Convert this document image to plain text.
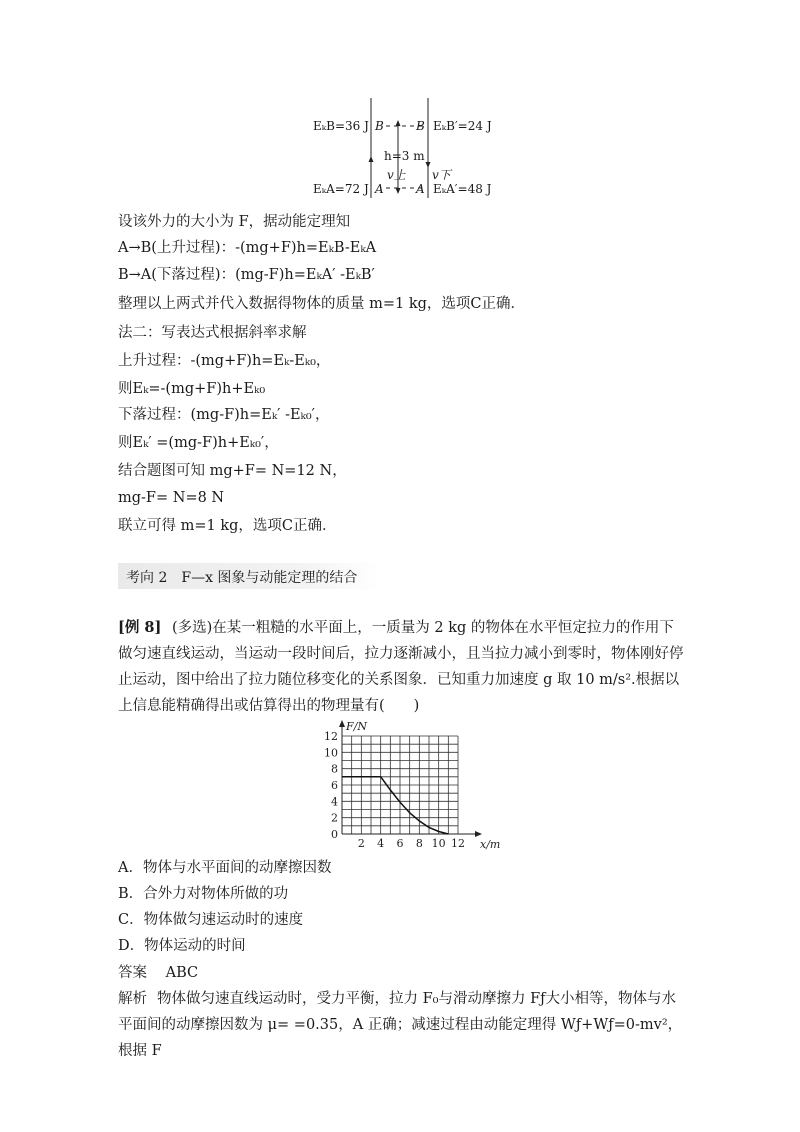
EₖB=36 J B	B EₖB′=24 J
h=3 m
v上 v下
EₖA=72 J A	A EₖA′=48 J
设该外力的大小为 F，据动能定理知
A→B(上升过程)：-(mg+F)h=EₖB-EₖA
B→A(下落过程)：(mg-F)h=EₖA′ -EₖB′
整理以上两式并代入数据得物体的质量 m=1 kg，选项C正确．
法二：写表达式根据斜率求解
上升过程：-(mg+F)h=Eₖ-Eₖ₀，
则Eₖ=-(mg+F)h+Eₖ₀
下落过程：(mg-F)h=Eₖ′ -Eₖ₀′，
则Eₖ′ =(mg-F)h+Eₖ₀′，
结合题图可知 mg+F= N=12 N，
mg-F= N=8 N
联立可得 m=1 kg，选项C正确．
考向 2　F—x 图象与动能定理的结合
[例 8] (多选)在某一粗糙的水平面上，一质量为 2 kg 的物体在水平恒定拉力的作用下做匀速直线运动，当运动一段时间后，拉力逐渐减小，且当拉力减小到零时，物体刚好停止运动，图中给出了拉力随位移变化的关系图象．已知重力加速度 g 取 10 m/s².根据以上信息能精确得出或估算得出的物理量有(　　)
0
2
4
6
8
10
12
2 4 6 8 10 12
F/N
x/m
A．物体与水平面间的动摩擦因数
B．合外力对物体所做的功
C．物体做匀速运动时的速度
D．物体运动的时间
答案 ABC
解析 物体做匀速直线运动时，受力平衡，拉力 F₀与滑动摩擦力 Fƒ大小相等，物体与水平面间的动摩擦因数为 μ= =0.35，A 正确；减速过程由动能定理得 Wƒ+Wƒ=0-mv²，根据 F
